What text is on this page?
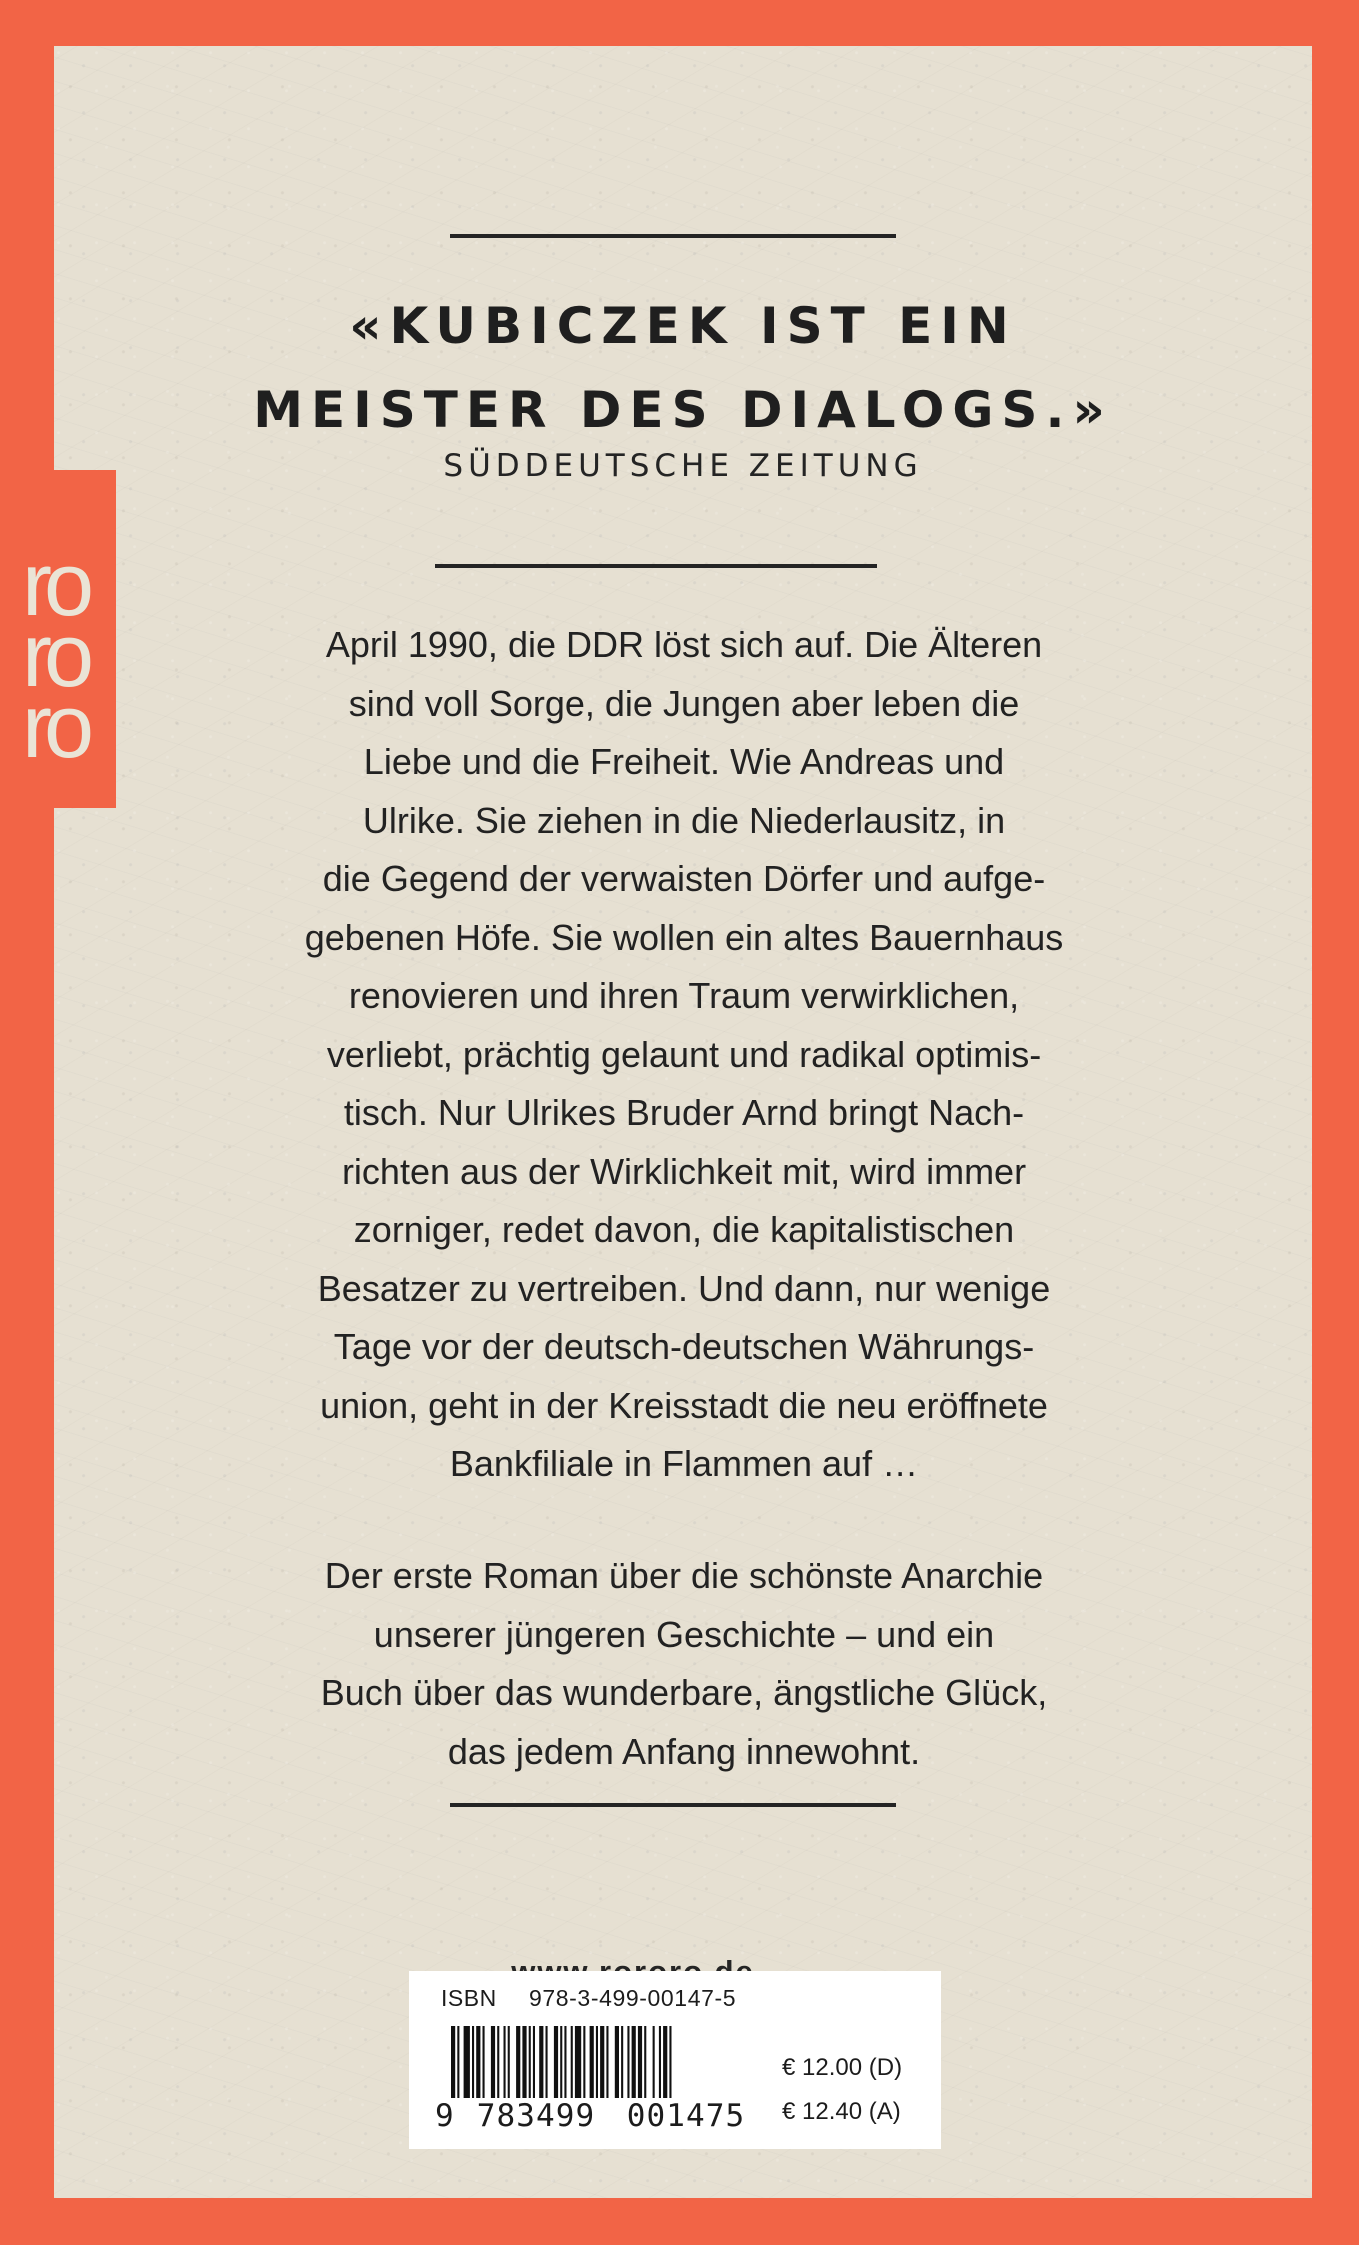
«KUBICZEK IST EIN
MEISTER DES DIALOGS.»
SÜDDEUTSCHE ZEITUNG
April 1990, die DDR löst sich auf. Die Älteren
sind voll Sorge, die Jungen aber leben die
Liebe und die Freiheit. Wie Andreas und
Ulrike. Sie ziehen in die Niederlausitz, in
die Gegend der verwaisten Dörfer und aufge-
gebenen Höfe. Sie wollen ein altes Bauernhaus
renovieren und ihren Traum verwirklichen,
verliebt, prächtig gelaunt und radikal optimis-
tisch. Nur Ulrikes Bruder Arnd bringt Nach-
richten aus der Wirklichkeit mit, wird immer
zorniger, redet davon, die kapitalistischen
Besatzer zu vertreiben. Und dann, nur wenige
Tage vor der deutsch-deutschen Währungs-
union, geht in der Kreisstadt die neu eröffnete
Bankfiliale in Flammen auf …
Der erste Roman über die schönste Anarchie
unserer jüngeren Geschichte – und ein
Buch über das wunderbare, ängstliche Glück,
das jedem Anfang innewohnt.
ISBN 978-3-499-00147-5
9 783499	001475
€ 12.00 (D)
€ 12.40 (A)
ro
ro
ro
